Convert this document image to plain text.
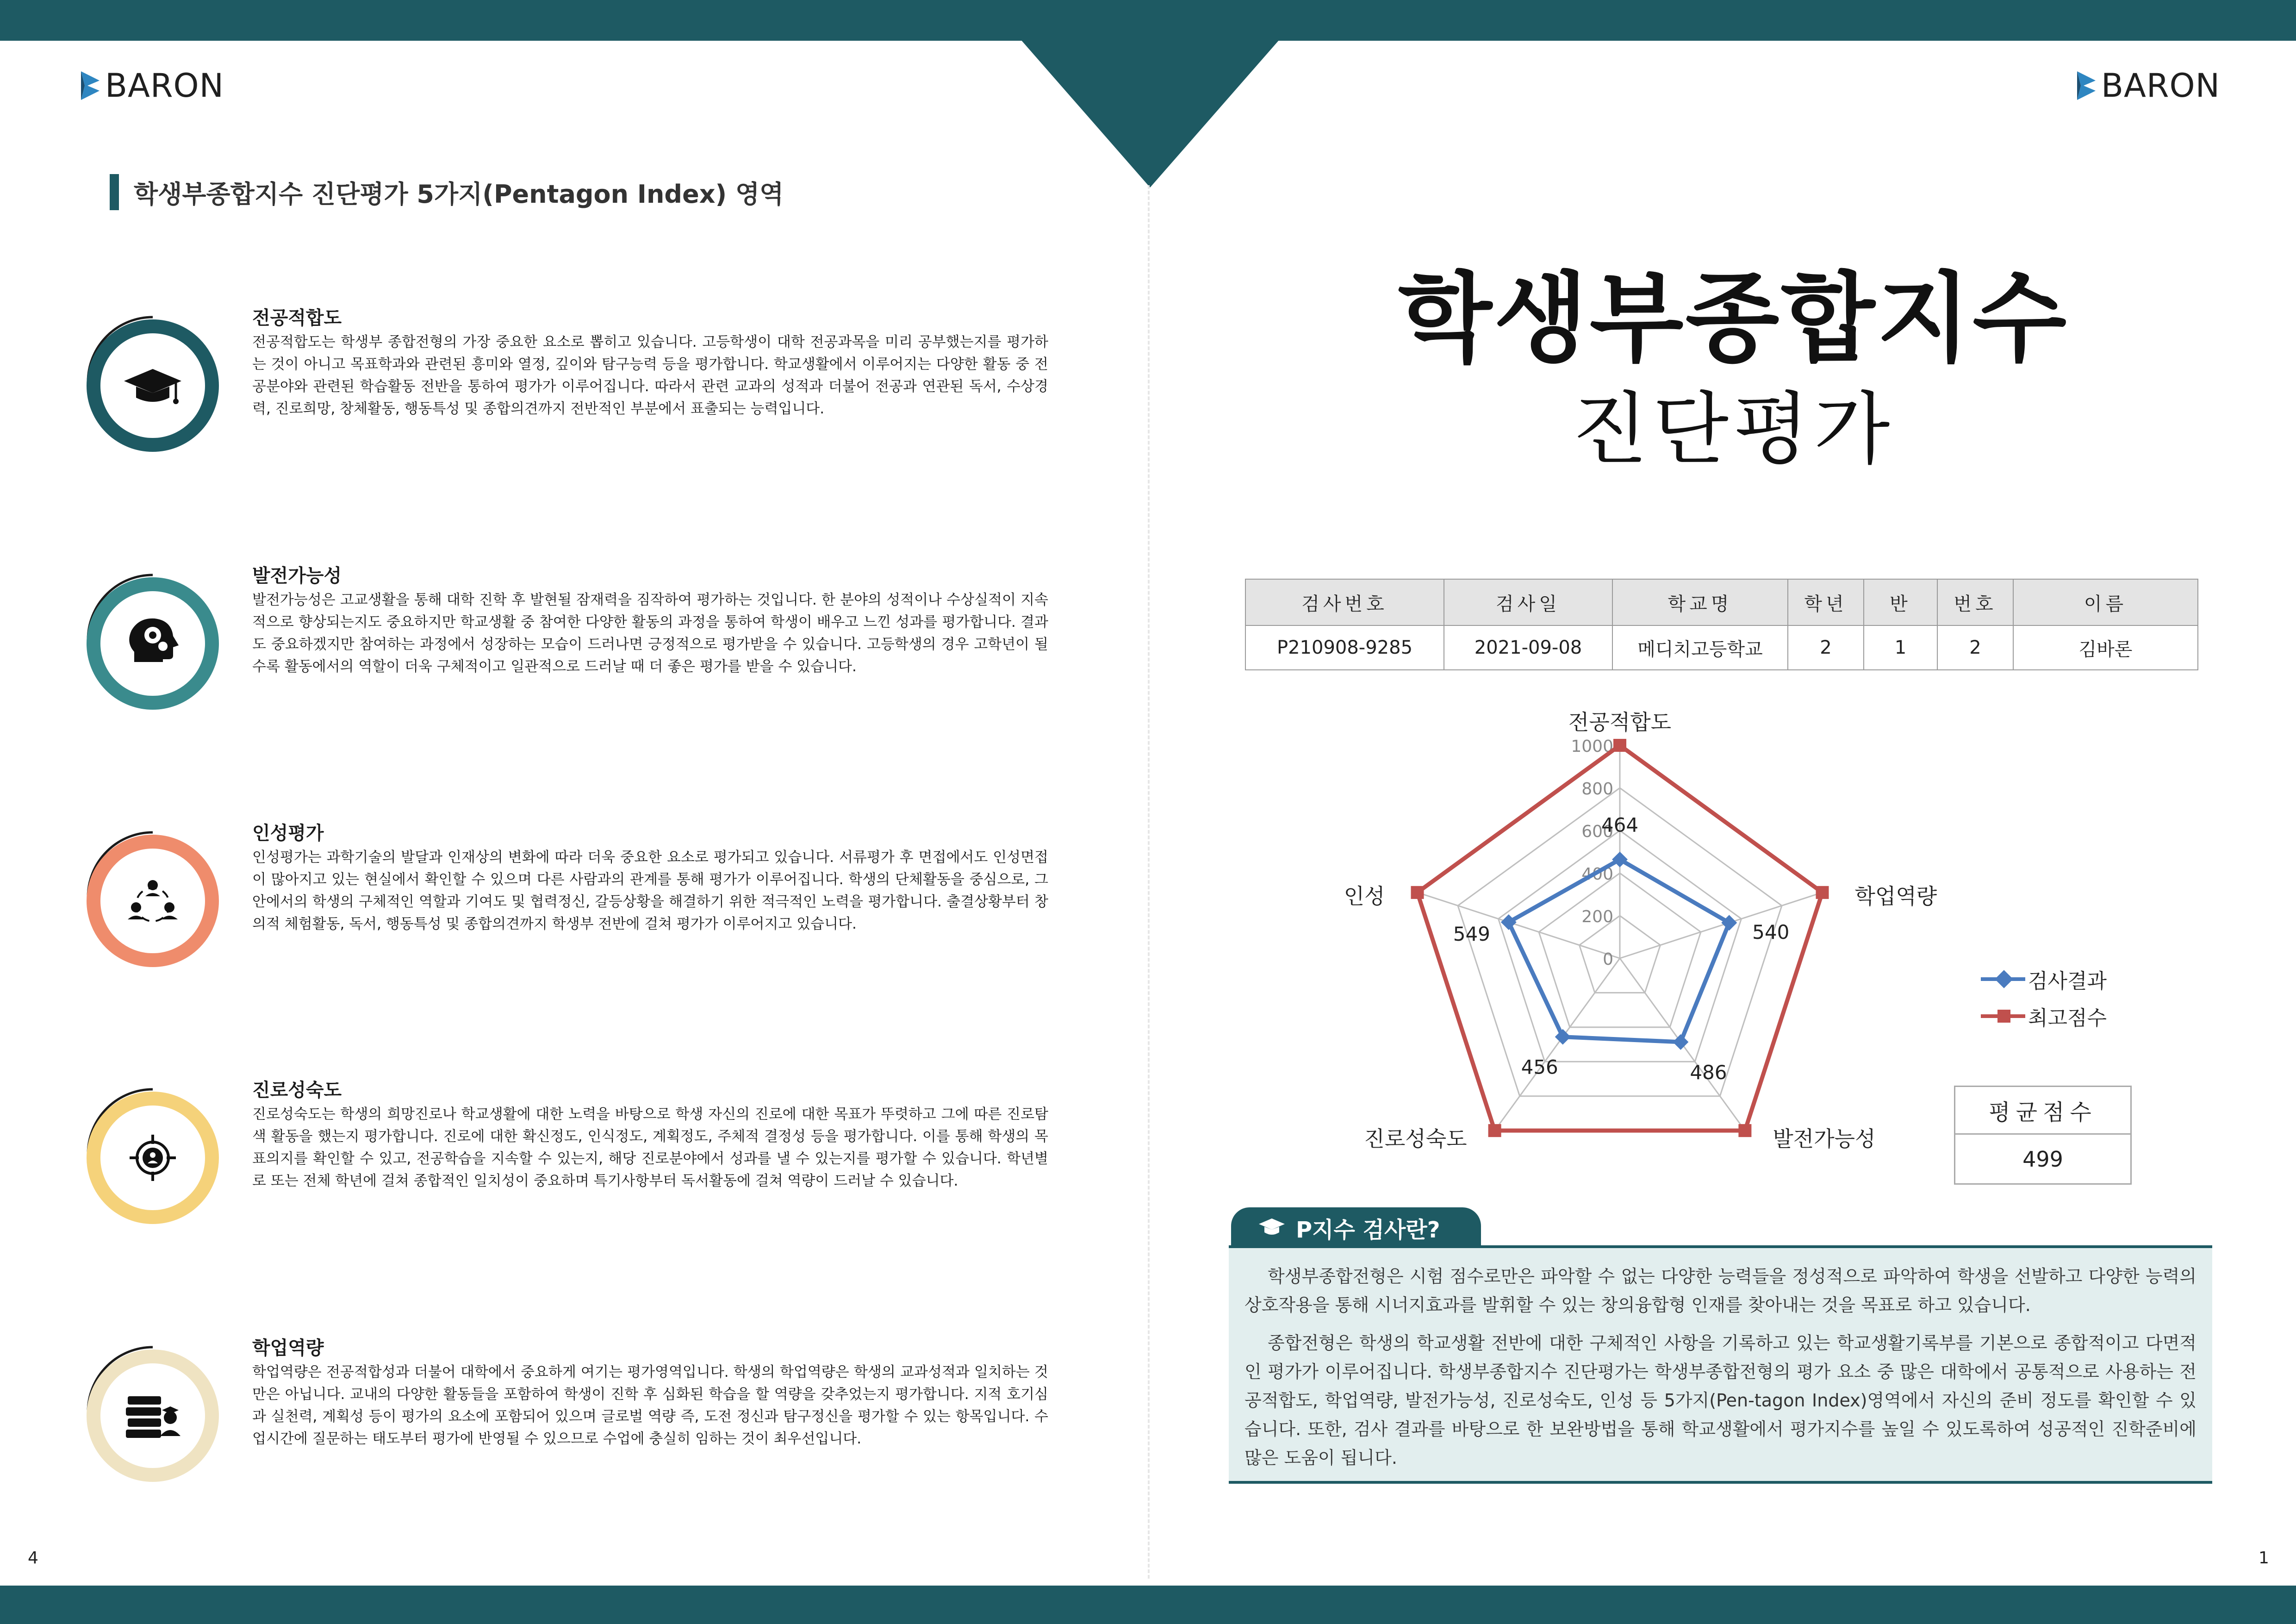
BARON	BARON
학생부종합지수 진단평가 5가지(Pentagon Index) 영역
전공적합도
전공적합도는 학생부 종합전형의 가장 중요한 요소로 뽑히고 있습니다. 고등학생이 대학 전공과목을 미리 공부했는지를 평가하는 것이 아니고 목표학과와 관련된 흥미와 열정, 깊이와 탐구능력 등을 평가합니다. 학교생활에서 이루어지는 다양한 활동 중 전공분야와 관련된 학습활동 전반을 통하여 평가가 이루어집니다. 따라서 관련 교과의 성적과 더불어 전공과 연관된 독서, 수상경력, 진로희망, 창체활동, 행동특성 및 종합의견까지 전반적인 부분에서 표출되는 능력입니다.
발전가능성
발전가능성은 고교생활을 통해 대학 진학 후 발현될 잠재력을 짐작하여 평가하는 것입니다. 한 분야의 성적이나 수상실적이 지속적으로 향상되는지도 중요하지만 학교생활 중 참여한 다양한 활동의 과정을 통하여 학생이 배우고 느낀 성과를 평가합니다. 결과도 중요하겠지만 참여하는 과정에서 성장하는 모습이 드러나면 긍정적으로 평가받을 수 있습니다. 고등학생의 경우 고학년이 될수록 활동에서의 역할이 더욱 구체적이고 일관적으로 드러날 때 더 좋은 평가를 받을 수 있습니다.
인성평가
인성평가는 과학기술의 발달과 인재상의 변화에 따라 더욱 중요한 요소로 평가되고 있습니다. 서류평가 후 면접에서도 인성면접이 많아지고 있는 현실에서 확인할 수 있으며 다른 사람과의 관계를 통해 평가가 이루어집니다. 학생의 단체활동을 중심으로, 그 안에서의 학생의 구체적인 역할과 기여도 및 협력정신, 갈등상황을 해결하기 위한 적극적인 노력을 평가합니다. 출결상황부터 창의적 체험활동, 독서, 행동특성 및 종합의견까지 학생부 전반에 걸쳐 평가가 이루어지고 있습니다.
진로성숙도
진로성숙도는 학생의 희망진로나 학교생활에 대한 노력을 바탕으로 학생 자신의 진로에 대한 목표가 뚜렷하고 그에 따른 진로탐색 활동을 했는지 평가합니다. 진로에 대한 확신정도, 인식정도, 계획정도, 주체적 결정성 등을 평가합니다. 이를 통해 학생의 목표의지를 확인할 수 있고, 전공학습을 지속할 수 있는지, 해당 진로분야에서 성과를 낼 수 있는지를 평가할 수 있습니다. 학년별로 또는 전체 학년에 걸쳐 종합적인 일치성이 중요하며 특기사항부터 독서활동에 걸쳐 역량이 드러날 수 있습니다.
학업역량
학업역량은 전공적합성과 더불어 대학에서 중요하게 여기는 평가영역입니다. 학생의 학업역량은 학생의 교과성적과 일치하는 것만은 아닙니다. 교내의 다양한 활동들을 포함하여 학생이 진학 후 심화된 학습을 할 역량을 갖추었는지 평가합니다. 지적 호기심과 실천력, 계획성 등이 평가의 요소에 포함되어 있으며 글로벌 역량 즉, 도전 정신과 탐구정신을 평가할 수 있는 항목입니다. 수업시간에 질문하는 태도부터 평가에 반영될 수 있으므로 수업에 충실히 임하는 것이 최우선입니다.
4
학생부종합지수
진단평가
검사번호	검사일	학교명	학년	반	번호	이름
P210908-9285	2021-09-08	메디치고등학교	2	1	2	김바론
0
200
400
600
800
1000
464
540
486
456
549
전공적합도
학업역량
발전가능성
진로성숙도
인성
검사결과
최고점수
평균점수
499
P지수 검사란?

학생부종합전형은 시험 점수로만은 파악할 수 없는 다양한 능력들을 정성적으로 파악하여 학생을 선발하고 다양한 능력의 상호작용을 통해 시너지효과를 발휘할 수 있는 창의융합형 인재를 찾아내는 것을 목표로 하고 있습니다.

종합전형은 학생의 학교생활 전반에 대한 구체적인 사항을 기록하고 있는 학교생활기록부를 기본으로 종합적이고 다면적인 평가가 이루어집니다. 학생부종합지수 진단평가는 학생부종합전형의 평가 요소 중 많은 대학에서 공통적으로 사용하는 전공적합도, 학업역량, 발전가능성, 진로성숙도, 인성 등 5가지(Pen-tagon Index)영역에서 자신의 준비 정도를 확인할 수 있습니다. 또한, 검사 결과를 바탕으로 한 보완방법을 통해 학교생활에서 평가지수를 높일 수 있도록하여 성공적인 진학준비에 많은 도움이 됩니다.

1
